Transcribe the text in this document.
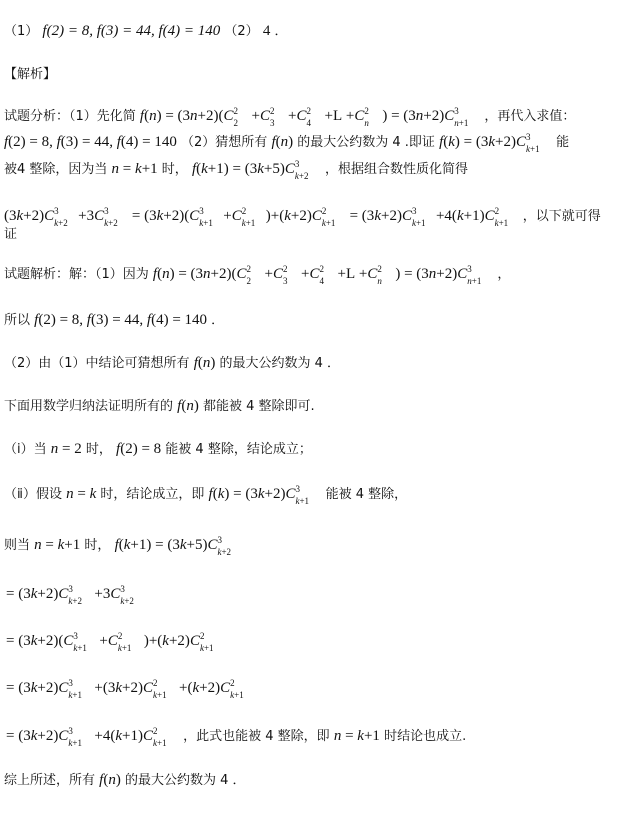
（1） f(2) = 8, f(3) = 44, f(4) = 140 （2） 4 ．
【解析】
试题分析：（1）先化简 f(n) = (3n+2)(C 2
2 +C 2
3 +C 2
4 +L +C 2
n ) = (3n+2)C 3
n+1 ，再代入求值：
f(2) = 8, f(3) = 44, f(4) = 140 （2）猜想所有 f(n) 的最大公约数为 4 .即证 f(k) = (3k+2)C 3
k+1 能
被4 整除，因为当 n = k+1 时， f(k+1) = (3k+5)C 3
k+2 ，根据组合数性质化简得
(3k+2)C 3
k+2 +3C 3
k+2 = (3k+2)(C 3
k+1 +C 2
k+1 )+(k+2)C 2
k+1 = (3k+2)C 3
k+1 +4(k+1)C 2
k+1 ，以下就可得
证
试题解析：解：（1）因为 f(n) = (3n+2)(C 2
2 +C 2
3 +C 2
4 +L +C 2
n ) = (3n+2)C 3
n+1 ，
所以 f(2) = 8, f(3) = 44, f(4) = 140 ．
（2）由（1）中结论可猜想所有 f(n) 的最大公约数为 4 ．
下面用数学归纳法证明所有的 f(n) 都能被 4 整除即可.
（ⅰ）当 n = 2 时， f(2) = 8 能被 4 整除，结论成立；
（ⅱ）假设 n = k 时，结论成立，即 f(k) = (3k+2)C 3
k+1 能被 4 整除，
则当 n = k+1 时， f(k+1) = (3k+5)C 3
k+2
= (3k+2)C 3
k+2 +3C 3
k+2
= (3k+2)(C 3
k+1 +C 2
k+1 )+(k+2)C 2
k+1
= (3k+2)C 3
k+1 +(3k+2)C 2
k+1 +(k+2)C 2
k+1
= (3k+2)C 3
k+1 +4(k+1)C 2
k+1 ，此式也能被 4 整除，即 n = k+1 时结论也成立.
综上所述，所有 f(n) 的最大公约数为 4 ．
